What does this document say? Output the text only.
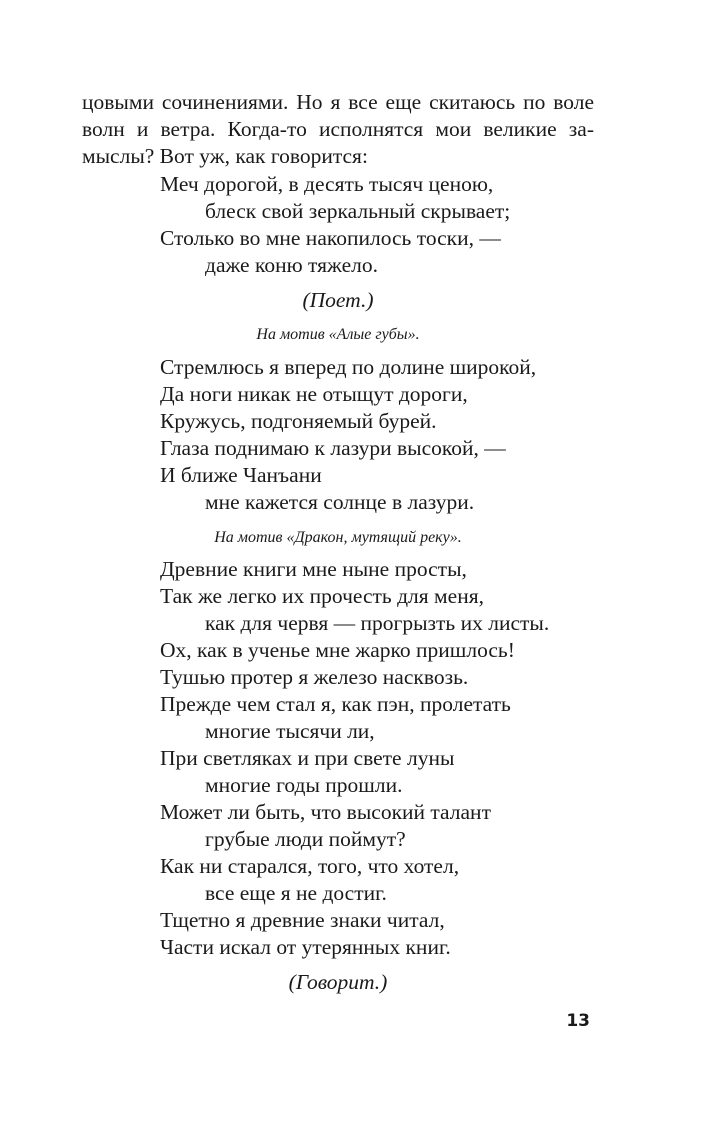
цовыми сочинениями. Но я все еще скитаюсь по воле
волн и ветра. Когда-то исполнятся мои великие за-
мыслы? Вот уж, как говорится:
Меч дорогой, в десять тысяч ценою,
блеск свой зеркальный скрывает;
Столько во мне накопилось тоски, —
даже коню тяжело.
(Поет.)
На мотив «Алые губы».
Стремлюсь я вперед по долине широкой,
Да ноги никак не отыщут дороги,
Кружусь, подгоняемый бурей.
Глаза поднимаю к лазури высокой, —
И ближе Чанъани
мне кажется солнце в лазури.
На мотив «Дракон, мутящий реку».
Древние книги мне ныне просты,
Так же легко их прочесть для меня,
как для червя — прогрызть их листы.
Ох, как в ученье мне жарко пришлось!
Тушью протер я железо насквозь.
Прежде чем стал я, как пэн, пролетать
многие тысячи ли,
При светляках и при свете луны
многие годы прошли.
Может ли быть, что высокий талант
грубые люди поймут?
Как ни старался, того, что хотел,
все еще я не достиг.
Тщетно я древние знаки читал,
Части искал от утерянных книг.
(Говорит.)
13
